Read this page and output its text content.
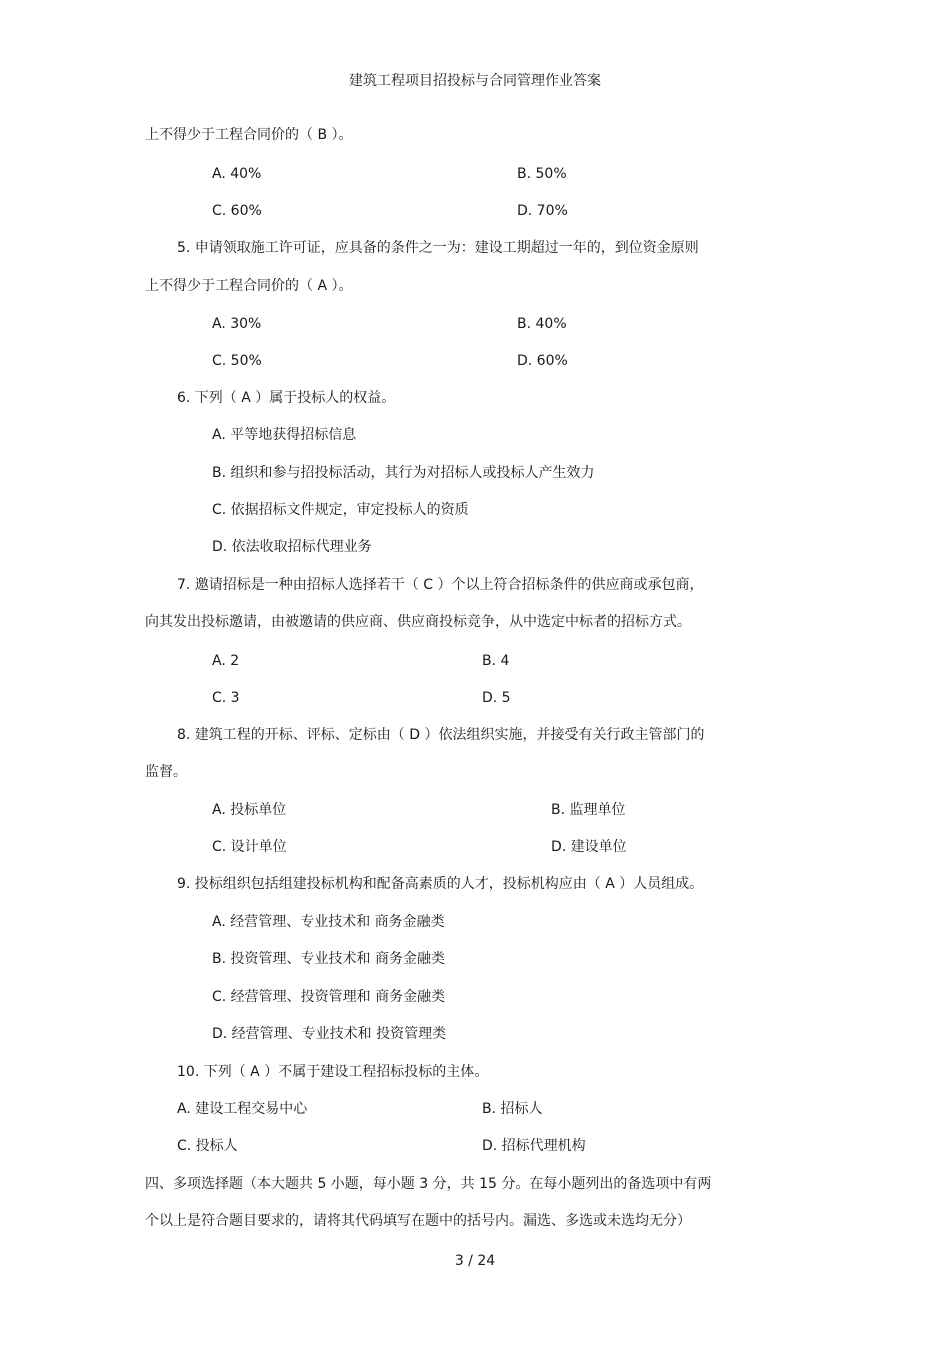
建筑工程项目招投标与合同管理作业答案
上不得少于工程合同价的（ B ）。
A. 40%	B. 50%
C. 60%	D. 70%
5. 申请领取施工许可证，应具备的条件之一为：建设工期超过一年的，到位资金原则
上不得少于工程合同价的（ A ）。
A. 30%	B. 40%
C. 50%	D. 60%
6. 下列（ A ）属于投标人的权益。
A. 平等地获得招标信息
B. 组织和参与招投标活动，其行为对招标人或投标人产生效力
C. 依据招标文件规定，审定投标人的资质
D. 依法收取招标代理业务
7. 邀请招标是一种由招标人选择若干（ C ）个以上符合招标条件的供应商或承包商，
向其发出投标邀请，由被邀请的供应商、供应商投标竞争，从中选定中标者的招标方式。
A. 2	B. 4
C. 3	D. 5
8. 建筑工程的开标、评标、定标由（ D ）依法组织实施，并接受有关行政主管部门的
监督。
A. 投标单位	B. 监理单位
C. 设计单位	D. 建设单位
9. 投标组织包括组建投标机构和配备高素质的人才，投标机构应由（ A ）人员组成。
A. 经营管理、专业技术和 商务金融类
B. 投资管理、专业技术和 商务金融类
C. 经营管理、投资管理和 商务金融类
D. 经营管理、专业技术和 投资管理类
10. 下列（ A ）不属于建设工程招标投标的主体。
A. 建设工程交易中心	B. 招标人
C. 投标人	D. 招标代理机构
四、多项选择题（本大题共 5 小题，每小题 3 分，共 15 分。在每小题列出的备选项中有两
个以上是符合题目要求的，请将其代码填写在题中的括号内。漏选、多选或未选均无分）
3 / 24
